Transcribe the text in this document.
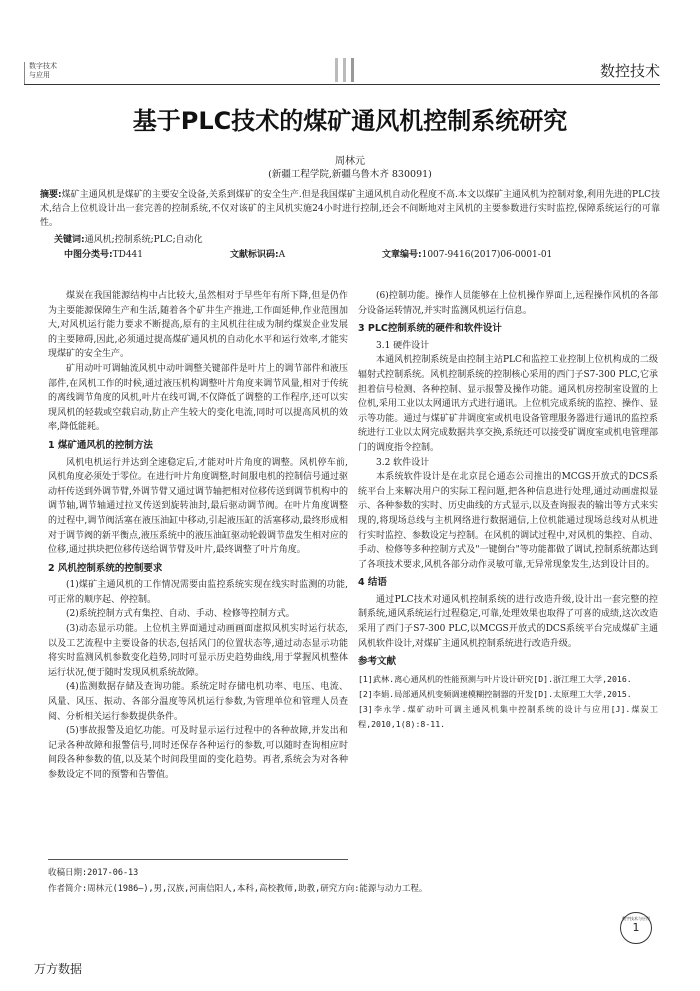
数字技术
与应用	数控技术
基于PLC技术的煤矿通风机控制系统研究
周林元
(新疆工程学院,新疆乌鲁木齐 830091)
摘要:煤矿主通风机是煤矿的主要安全设备,关系到煤矿的安全生产.但是我国煤矿主通风机自动化程度不高.本文以煤矿主通风机为控制对象,利用先进的PLC技术,结合上位机设计出一套完善的控制系统,不仅对该矿的主风机实施24小时进行控制,还会不间断地对主风机的主要参数进行实时监控,保障系统运行的可靠性。
关键词:通风机;控制系统;PLC;自动化
中图分类号:TD441	文献标识码:A	文章编号:1007-9416(2017)06-0001-01

煤炭在我国能源结构中占比较大,虽然相对于早些年有所下降,但是仍作为主要能源保障生产和生活,随着各个矿井生产推进,工作面延伸,作业范围加大,对风机运行能力要求不断提高,原有的主风机往往成为制约煤炭企业发展的主要障碍,因此,必须通过提高煤矿通风机的自动化水平和运行效率,才能实现煤矿的安全生产。

矿用动叶可调轴流风机中动叶调整关键部件是叶片上的调节部件和液压部件,在风机工作的时候,通过液压机构调整叶片角度来调节风量,相对于传统的离线调节角度的风机,叶片在线可调,不仅降低了调整的工作程序,还可以实现风机的轻载或空载启动,防止产生较大的变化电流,同时可以提高风机的效率,降低能耗。

1 煤矿通风机的控制方法

风机电机运行并达到全速稳定后,才能对叶片角度的调整。风机停车前,风机角度必须处于零位。在进行叶片角度调整,时间服电机的控制信号通过驱动杆传送到外调节臂,外调节臂又通过调节轴把相对位移传送到调节机构中的调节轴,调节轴通过拉叉传送到旋转油封,最后驱动调节阀。在叶片角度调整的过程中,调节阀活塞在液压油缸中移动,引起液压缸的活塞移动,最终形成相对于调节阀的新平衡点,液压系统中的液压油缸驱动轮毂调节盘发生相对应的位移,通过拱块把位移传送给调节臂及叶片,最终调整了叶片角度。

2 风机控制系统的控制要求

(1)煤矿主通风机的工作情况需要由监控系统实现在线实时监测的功能,可正常的顺序起、停控制。

(2)系统控制方式有集控、自动、手动、检修等控制方式。

(3)动态显示功能。上位机主界面通过动画画面虚拟风机实时运行状态,以及工艺流程中主要设备的状态,包括风门的位置状态等,通过动态显示功能将实时监测风机参数变化趋势,同时可显示历史趋势曲线,用于掌握风机整体运行状况,便于随时发现风机系统故障。

(4)监测数据存储及查询功能。系统定时存储电机功率、电压、电流、风量、风压、振动、各部分温度等风机运行参数,为管理单位和管理人员查阅、分析相关运行参数提供条件。

(5)事故报警及追忆功能。可及时显示运行过程中的各种故障,并发出和记录各种故障和报警信号,同时还保存各种运行的参数,可以随时查询相应时间段各种参数的值,以及某个时间段里面的变化趋势。再者,系统会为对各种参数设定不同的预警和告警值。

(6)控制功能。操作人员能够在上位机操作界面上,远程操作风机的各部分设备运转情况,并实时监测风机运行信息。

3 PLC控制系统的硬件和软件设计
3.1 硬件设计

本通风机控制系统是由控制主站PLC和监控工业控制上位机构成的二级辐射式控制系统。风机控制系统的控制核心采用的西门子S7-300 PLC,它承担着信号检测、各种控制、显示报警及操作功能。通风机房控制室设置的上位机,采用工业以太网通讯方式进行通讯。上位机完成系统的监控、操作、显示等功能。通过与煤矿矿井调度室或机电设备管理服务器进行通讯的监控系统进行工业以太网完成数据共享交换,系统还可以接受矿调度室或机电管理部门的调度指令控制。

3.2 软件设计

本系统软件设计是在北京昆仑通态公司推出的MCGS开放式的DCS系统平台上来解决用户的实际工程问题,把各种信息进行处理,通过动画虚拟显示、各种参数的实时、历史曲线的方式显示,以及查询报表的输出等方式来实现的,将现场总线与主机网络进行数据通信,上位机能通过现场总线对从机进行实时监控、参数设定与控制。在风机的调试过程中,对风机的集控、自动、手动、检修等多种控制方式及"一键倒台"等功能都做了调试,控制系统都达到了各项技术要求,风机各部分动作灵敏可靠,无异常现象发生,达到设计目的。

4 结语

通过PLC技术对通风机控制系统的进行改造升级,设计出一套完整的控制系统,通风系统运行过程稳定,可靠,处理效果也取得了可喜的成绩,这次改造采用了西门子S7-300 PLC,以MCGS开放式的DCS系统平台完成煤矿主通风机软件设计,对煤矿主通风机控制系统进行改造升级。

参考文献

[1]武林.离心通风机的性能预测与叶片设计研究[D].浙江理工大学,2016.

[2]李娟.局部通风机变频调速模糊控制器的开发[D].太原理工大学,2015.

[3]李永学.煤矿动叶可调主通风机集中控制系统的设计与应用[J].煤炭工程,2010,1(8):8-11.

收稿日期:2017-06-13
作者简介:周林元(1986—),男,汉族,河南信阳人,本科,高校教师,助教,研究方向:能源与动力工程。
数字技术与应用
1
万方数据
